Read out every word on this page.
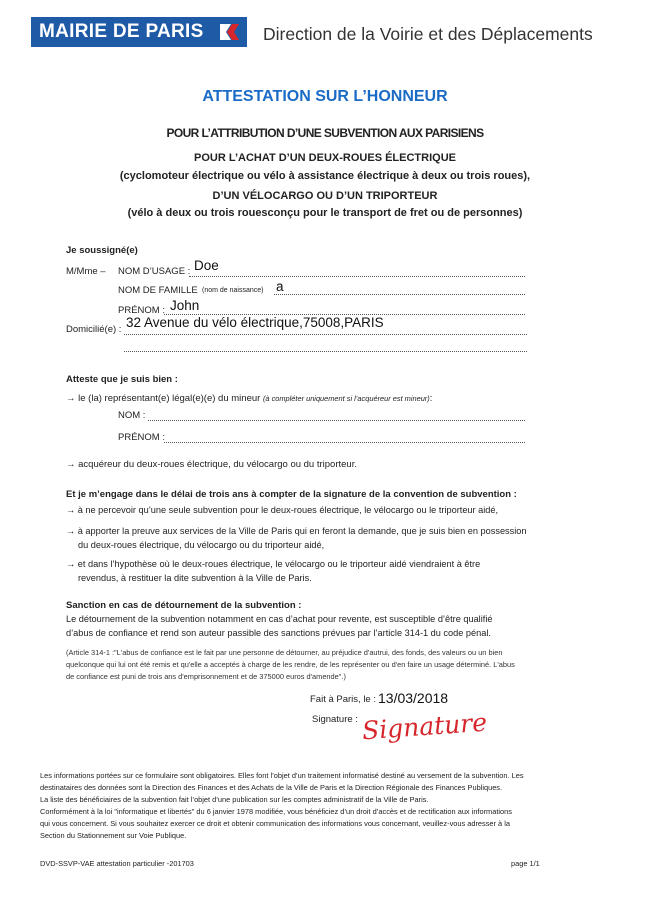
MAIRIE DE PARIS	Direction de la Voirie et des Déplacements
ATTESTATION SUR L’HONNEUR
POUR L’ATTRIBUTION D’UNE SUBVENTION AUX PARISIENS
POUR L’ACHAT D’UN DEUX-ROUES ÉLECTRIQUE
(cyclomoteur électrique ou vélo à assistance électrique à deux ou trois roues),
D’UN VÉLOCARGO OU D’UN TRIPORTEUR
(vélo à deux ou trois rouesconçu pour le transport de fret ou de personnes)
Je soussigné(e)
M/Mme – NOM D’USAGE : Doe
NOM DE FAMILLE (nom de naissance) a
PRÉNOM : John
Domicilié(e) : 32 Avenue du vélo électrique,75008,PARIS
Atteste que je suis bien :
→ le (la) représentant(e) légal(e)(e) du mineur (à compléter uniquement si l’acquéreur est mineur):
NOM :
PRÉNOM :
→ acquéreur du deux-roues électrique, du vélocargo ou du triporteur.
Et je m’engage dans le délai de trois ans à compter de la signature de la convention de subvention :
→ à ne percevoir qu’une seule subvention pour le deux-roues électrique, le vélocargo ou le triporteur aidé,
→ à apporter la preuve aux services de la Ville de Paris qui en feront la demande, que je suis bien en possession
du deux-roues électrique, du vélocargo ou du triporteur aidé,
→ et dans l’hypothèse où le deux-roues électrique, le vélocargo ou le triporteur aidé viendraient à être
revendus, à restituer la dite subvention à la Ville de Paris.
Sanction en cas de détournement de la subvention :
Le détournement de la subvention notamment en cas d’achat pour revente, est susceptible d’être qualifié
d’abus de confiance et rend son auteur passible des sanctions prévues par l’article 314-1 du code pénal.
(Article 314-1 :"L'abus de confiance est le fait par une personne de détourner, au préjudice d'autrui, des fonds, des valeurs ou un bien
quelconque qui lui ont été remis et qu'elle a acceptés à charge de les rendre, de les représenter ou d'en faire un usage déterminé. L'abus
de confiance est puni de trois ans d'emprisonnement et de 375000 euros d'amende".)
Fait à Paris, le : 13/03/2018
Signature : Signature
Les informations portées sur ce formulaire sont obligatoires. Elles font l’objet d’un traitement informatisé destiné au versement de la subvention. Les
destinataires des données sont la Direction des Finances et des Achats de la Ville de Paris et la Direction Régionale des Finances Publiques.
La liste des bénéficiaires de la subvention fait l’objet d’une publication sur les comptes administratif de la Ville de Paris.
Conformément à la loi "informatique et libertés" du 6 janvier 1978 modifiée, vous bénéficiez d’un droit d’accès et de rectification aux informations
qui vous concernent. Si vous souhaitez exercer ce droit et obtenir communication des informations vous concernant, veuillez-vous adresser à la
Section du Stationnement sur Voie Publique.
DVD-SSVP-VAE attestation particulier -201703	page 1/1
